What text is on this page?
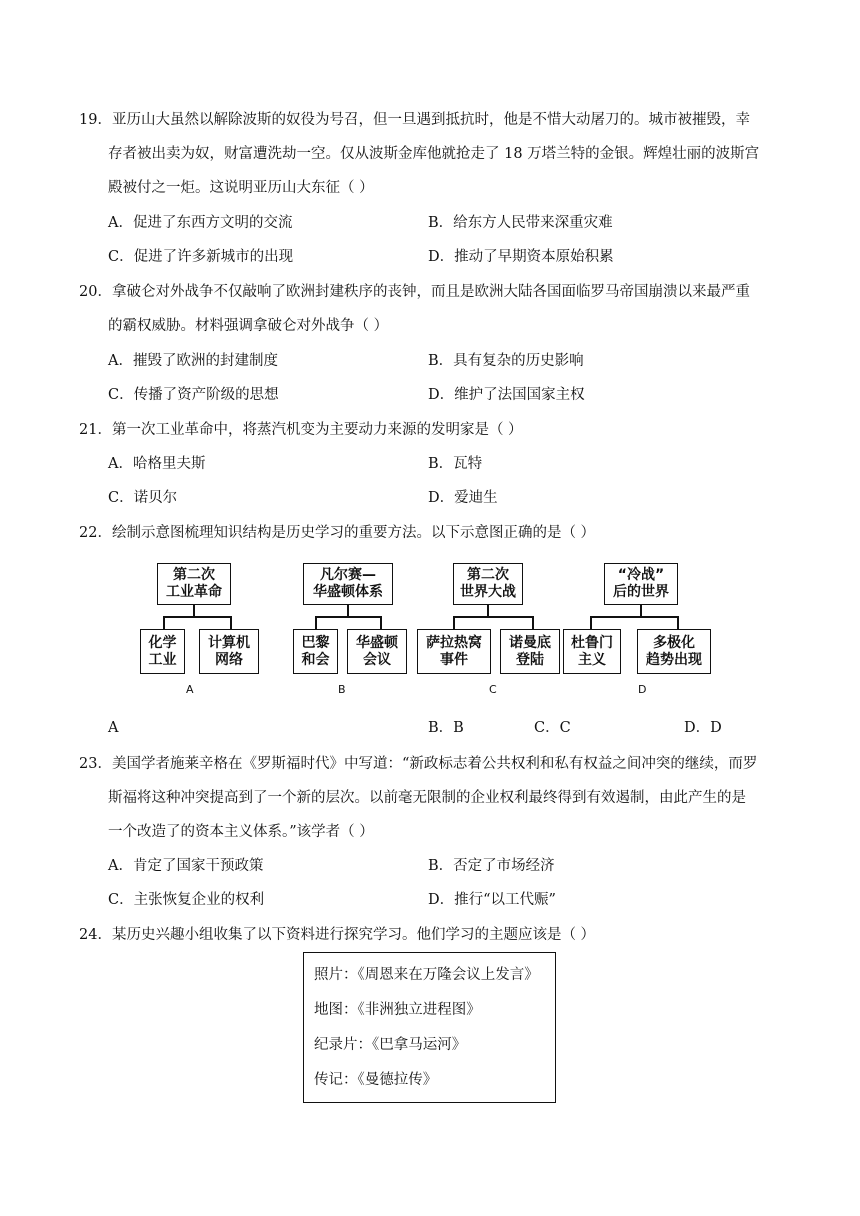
19．亚历山大虽然以解除波斯的奴役为号召，但一旦遇到抵抗时，他是不惜大动屠刀的。城市被摧毁，幸
存者被出卖为奴，财富遭洗劫一空。仅从波斯金库他就抢走了 18 万塔兰特的金银。辉煌壮丽的波斯宫
殿被付之一炬。这说明亚历山大东征（ ）
A．促进了东西方文明的交流	B．给东方人民带来深重灾难
C．促进了许多新城市的出现	D．推动了早期资本原始积累
20．拿破仑对外战争不仅敲响了欧洲封建秩序的丧钟，而且是欧洲大陆各国面临罗马帝国崩溃以来最严重
的霸权威胁。材料强调拿破仑对外战争（ ）
A．摧毁了欧洲的封建制度	B．具有复杂的历史影响
C．传播了资产阶级的思想	D．维护了法国国家主权
21．第一次工业革命中，将蒸汽机变为主要动力来源的发明家是（ ）
A．哈格里夫斯	B．瓦特
C．诺贝尔	D．爱迪生
22．绘制示意图梳理知识结构是历史学习的重要方法。以下示意图正确的是（ ）
第二次
工业革命
化学
工业
计算机
网络
A
凡尔赛—
华盛顿体系
巴黎
和会
华盛顿
会议
B
第二次
世界大战
萨拉热窝
事件
诺曼底
登陆
C
“冷战”
后的世界
杜鲁门
主义
多极化
趋势出现
D
A	B．B	C．C	D．D
23．美国学者施莱辛格在《罗斯福时代》中写道：“新政标志着公共权利和私有权益之间冲突的继续，而罗
斯福将这种冲突提高到了一个新的层次。以前毫无限制的企业权利最终得到有效遏制，由此产生的是
一个改造了的资本主义体系。”该学者（ ）
A．肯定了国家干预政策	B．否定了市场经济
C．主张恢复企业的权利	D．推行“以工代赈”
24．某历史兴趣小组收集了以下资料进行探究学习。他们学习的主题应该是（ ）
照片：《周恩来在万隆会议上发言》
地图：《非洲独立进程图》
纪录片：《巴拿马运河》
传记：《曼德拉传》
